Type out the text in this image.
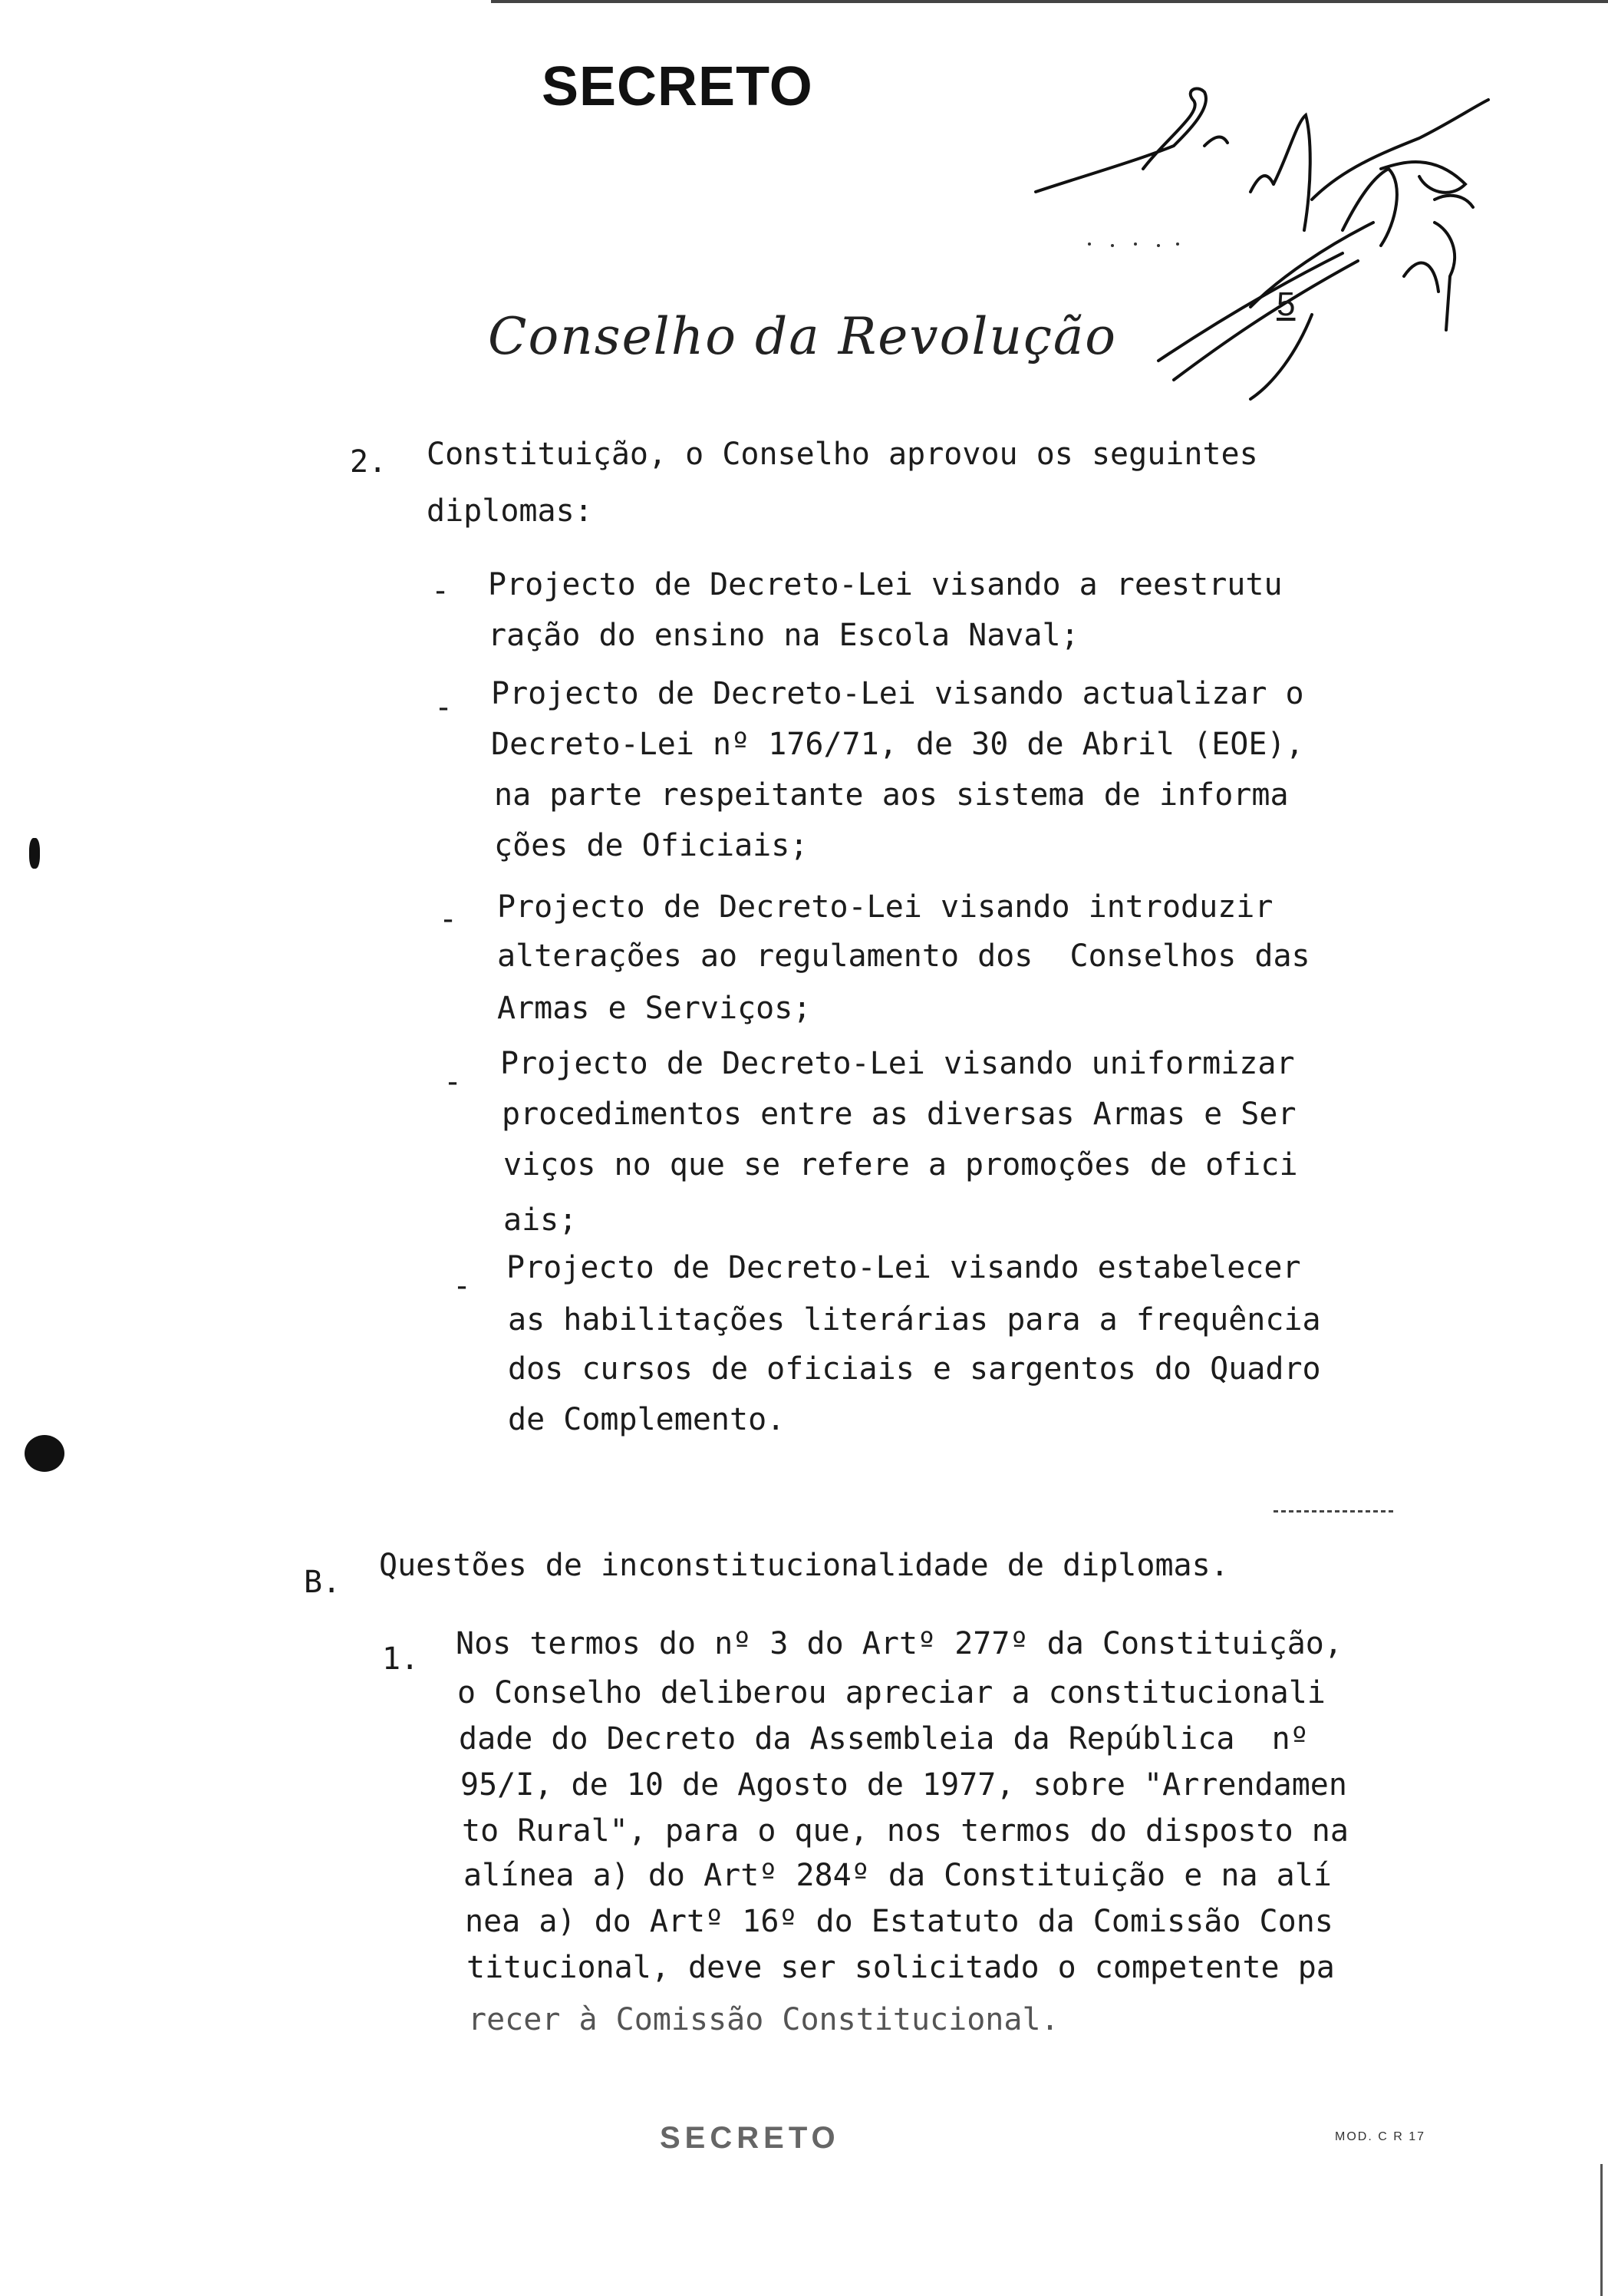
SECRETO
Conselho da Revolução
5
2. Constituição, o Conselho aprovou os seguintes
diplomas:
- Projecto de Decreto-Lei visando a reestrutu
ração do ensino na Escola Naval;
- Projecto de Decreto-Lei visando actualizar o
Decreto-Lei nº 176/71, de 30 de Abril (EOE),
na parte respeitante aos sistema de informa
ções de Oficiais;
- Projecto de Decreto-Lei visando introduzir
alterações ao regulamento dos  Conselhos das
Armas e Serviços;
-
Projecto de Decreto-Lei visando uniformizar
procedimentos entre as diversas Armas e Ser
viços no que se refere a promoções de ofici
ais;
-
Projecto de Decreto-Lei visando estabelecer
as habilitações literárias para a frequência
dos cursos de oficiais e sargentos do Quadro
de Complemento.
B. Questões de inconstitucionalidade de diplomas.
1. Nos termos do nº 3 do Artº 277º da Constituição,
o Conselho deliberou apreciar a constitucionali
dade do Decreto da Assembleia da República  nº
95/I, de 10 de Agosto de 1977, sobre "Arrendamen
to Rural", para o que, nos termos do disposto na
alínea a) do Artº 284º da Constituição e na alí
nea a) do Artº 16º do Estatuto da Comissão Cons
titucional, deve ser solicitado o competente pa
recer à Comissão Constitucional.
SECRETO	MOD. C R 17
